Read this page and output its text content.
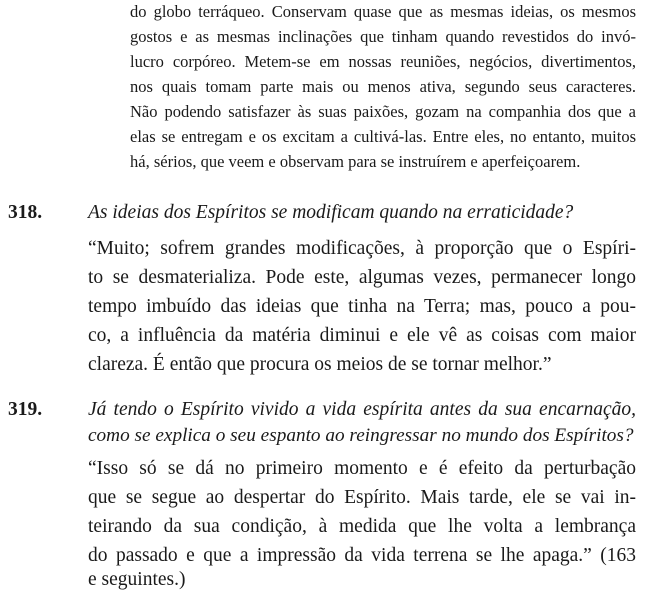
do globo terráqueo. Conservam quase que as mesmas ideias, os mesmos
gostos e as mesmas inclinações que tinham quando revestidos do invó-
lucro corpóreo. Metem-se em nossas reuniões, negócios, divertimentos,
nos quais tomam parte mais ou menos ativa, segundo seus caracteres.
Não podendo satisfazer às suas paixões, gozam na companhia dos que a
elas se entregam e os excitam a cultivá-las. Entre eles, no entanto, muitos
há, sérios, que veem e observam para se instruírem e aperfeiçoarem.
318. As ideias dos Espíritos se modificam quando na erraticidade?
“Muito; sofrem grandes modificações, à proporção que o Espíri-
to se desmaterializa. Pode este, algumas vezes, permanecer longo
tempo imbuído das ideias que tinha na Terra; mas, pouco a pou-
co, a influência da matéria diminui e ele vê as coisas com maior
clareza. É então que procura os meios de se tornar melhor.”
319. Já tendo o Espírito vivido a vida espírita antes da sua encarnação,
como se explica o seu espanto ao reingressar no mundo dos Espíritos?
“Isso só se dá no primeiro momento e é efeito da perturbação
que se segue ao despertar do Espírito. Mais tarde, ele se vai in-
teirando da sua condição, à medida que lhe volta a lembrança
do passado e que a impressão da vida terrena se lhe apaga.” (163
e seguintes.)
